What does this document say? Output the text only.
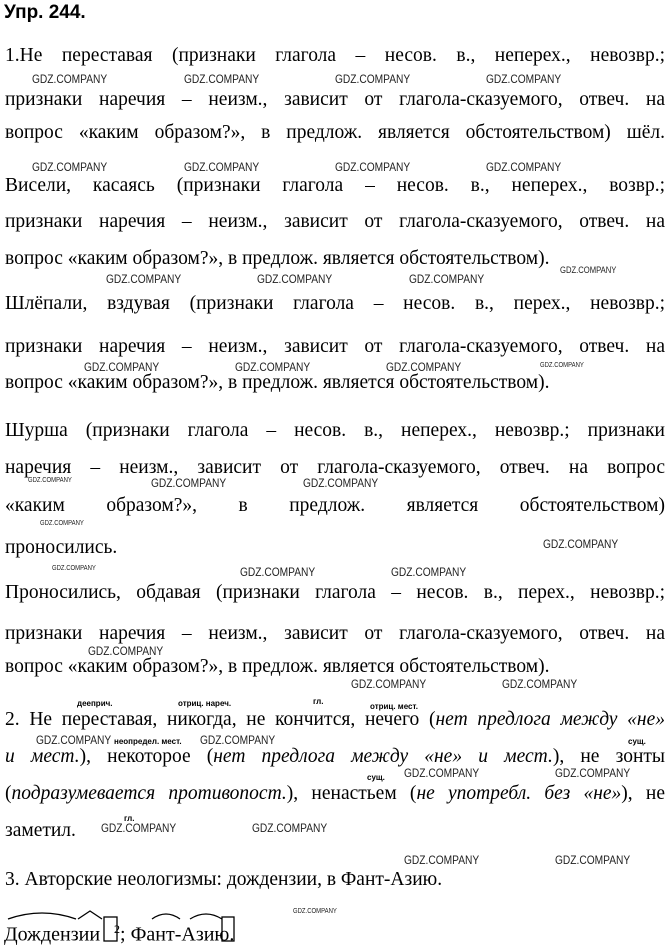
Упр. 244.
1.Не переставая (признаки глагола – несов. в., неперех., невозвр.;
признаки наречия – неизм., зависит от глагола-сказуемого, отвеч. на
вопрос «каким образом?», в предлож. является обстоятельством) шёл.
Висели, касаясь (признаки глагола – несов. в., неперех., возвр.;
признаки наречия – неизм., зависит от глагола-сказуемого, отвеч. на
вопрос «каким образом?», в предлож. является обстоятельством).
Шлёпали, вздувая (признаки глагола – несов. в., перех., невозвр.;
признаки наречия – неизм., зависит от глагола-сказуемого, отвеч. на
вопрос «каким образом?», в предлож. является обстоятельством).
Шурша (признаки глагола – несов. в., неперех., невозвр.; признаки
наречия – неизм., зависит от глагола-сказуемого, отвеч. на вопрос
«каким образом?», в предлож. является обстоятельством)
проносились.
Проносились, обдавая (признаки глагола – несов. в., перех., невозвр.;
признаки наречия – неизм., зависит от глагола-сказуемого, отвеч. на
вопрос «каким образом?», в предлож. является обстоятельством).
дееприч.	отриц. нареч.	гл.
отриц. мест.
неопредел. мест.	сущ.
сущ.
гл.
2. Не переставая, никогда, не кончится, нечего (нет предлога между «не»
и мест.), некоторое (нет предлога между «не» и мест.), не зонты
(подразумевается противопост.), ненастьем (не употребл. без «не»), не
заметил.
3. Авторские неологизмы: дождензии, в Фант-Азию.
Дождензии $^2$; Фант-Азию.
GDZ.COMPANY	GDZ.COMPANY	GDZ.COMPANY	GDZ.COMPANY
GDZ.COMPANY	GDZ.COMPANY	GDZ.COMPANY	GDZ.COMPANY
GDZ.COMPANY
GDZ.COMPANY	GDZ.COMPANY	GDZ.COMPANY
GDZ.COMPANY	GDZ.COMPANY	GDZ.COMPANY	GDZ.COMPANY
GDZ.COMPANY	GDZ.COMPANY
GDZ.COMPANY
GDZ.COMPANY
GDZ.COMPANY
GDZ.COMPANY	GDZ.COMPANY	GDZ.COMPANY
GDZ.COMPANY
GDZ.COMPANY	GDZ.COMPANY
GDZ.COMPANY	GDZ.COMPANY
GDZ.COMPANY	GDZ.COMPANY
GDZ.COMPANY	GDZ.COMPANY
GDZ.COMPANY	GDZ.COMPANY
GDZ.COMPANY
